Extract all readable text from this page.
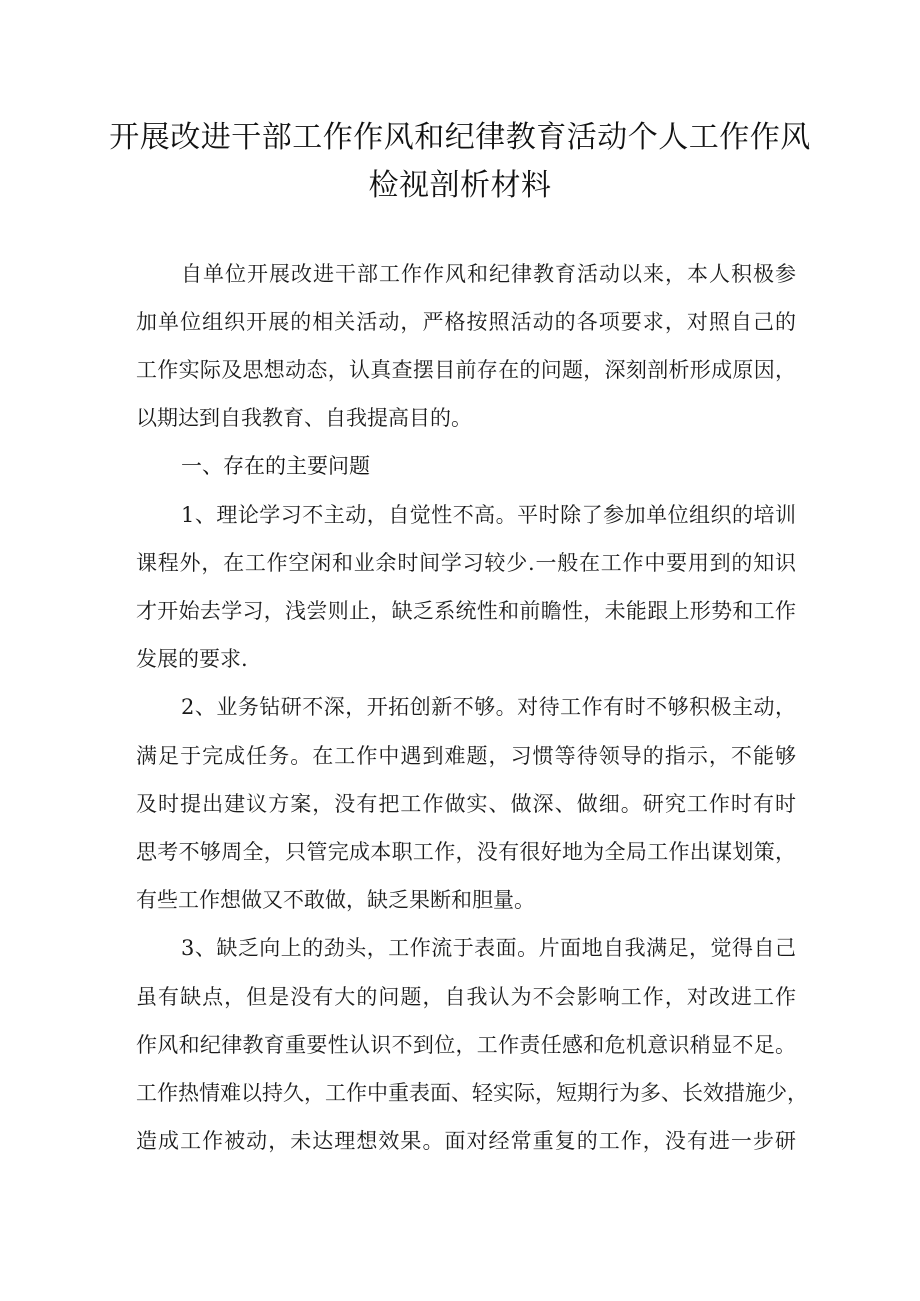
开展改进干部工作作风和纪律教育活动个人工作作风
检视剖析材料
自单位开展改进干部工作作风和纪律教育活动以来，本人积极参
加单位组织开展的相关活动，严格按照活动的各项要求，对照自己的
工作实际及思想动态，认真查摆目前存在的问题，深刻剖析形成原因，
以期达到自我教育、自我提高目的。
一、存在的主要问题
1、理论学习不主动，自觉性不高。平时除了参加单位组织的培训
课程外，在工作空闲和业余时间学习较少.一般在工作中要用到的知识
才开始去学习，浅尝则止，缺乏系统性和前瞻性，未能跟上形势和工作
发展的要求.
2、业务钻研不深，开拓创新不够。对待工作有时不够积极主动，
满足于完成任务。在工作中遇到难题，习惯等待领导的指示，不能够
及时提出建议方案，没有把工作做实、做深、做细。研究工作时有时
思考不够周全，只管完成本职工作，没有很好地为全局工作出谋划策，
有些工作想做又不敢做，缺乏果断和胆量。
3、缺乏向上的劲头，工作流于表面。片面地自我满足，觉得自己
虽有缺点，但是没有大的问题，自我认为不会影响工作，对改进工作
作风和纪律教育重要性认识不到位，工作责任感和危机意识稍显不足。
工作热情难以持久，工作中重表面、轻实际，短期行为多、长效措施少，
造成工作被动，未达理想效果。面对经常重复的工作，没有进一步研
